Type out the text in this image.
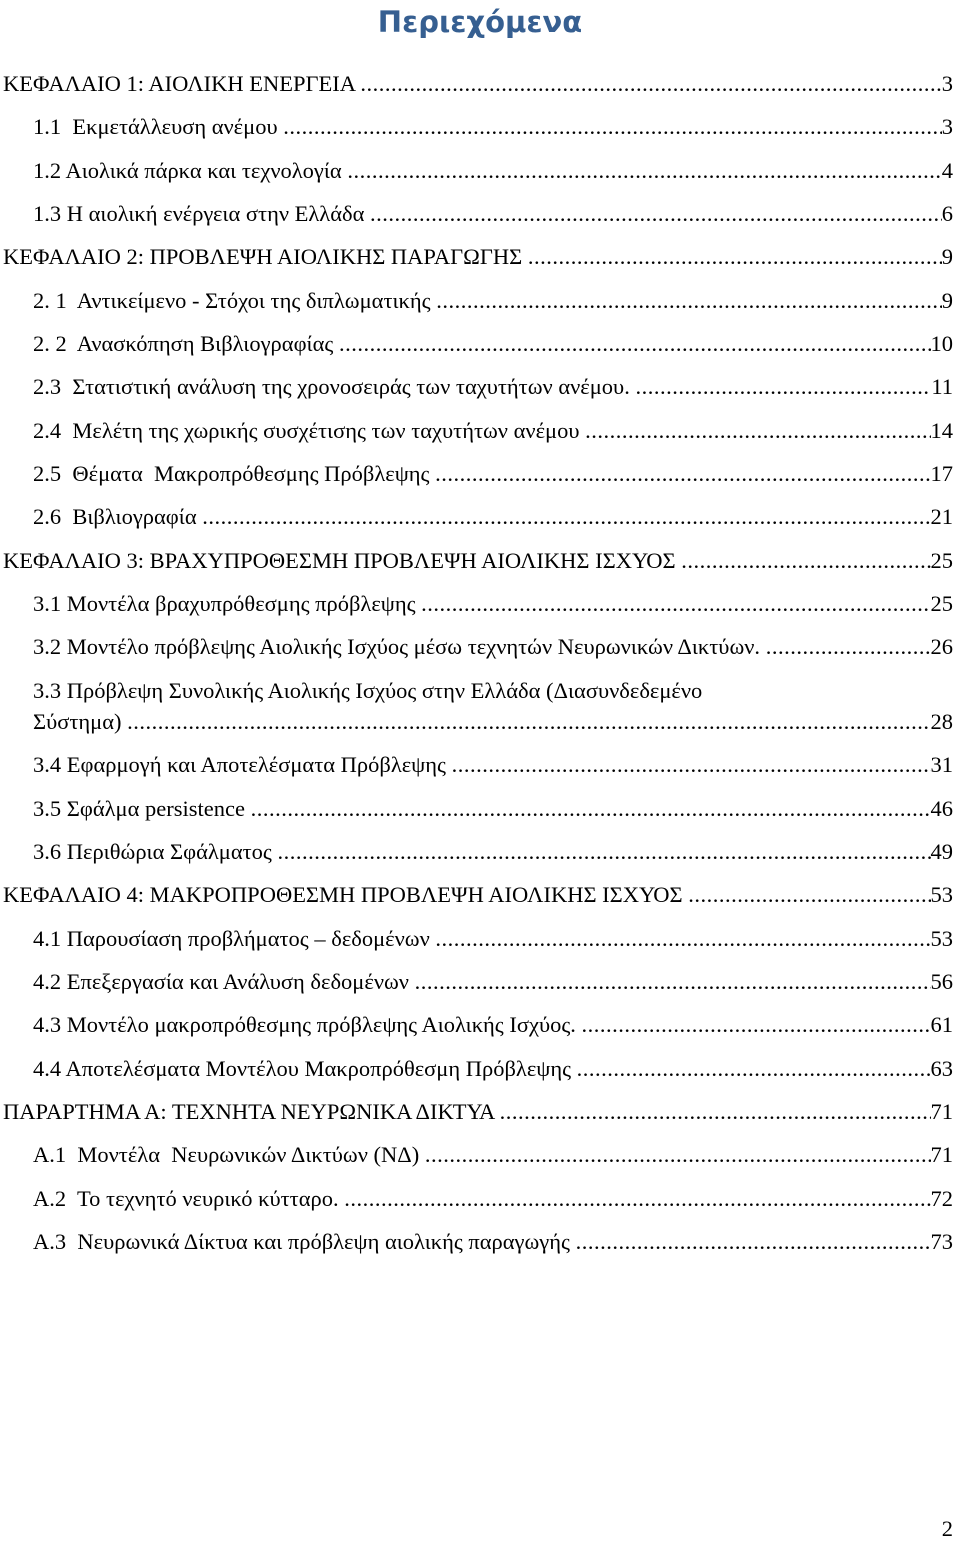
Περιεχόμενα
ΚΕΦΑΛΑΙΟ 1: ΑΙΟΛΙΚΗ ΕΝΕΡΓΕΙΑ .....	3
1.1  Εκμετάλλευση ανέμου .....	3
1.2 Αιολικά πάρκα και τεχνολογία .....	4
1.3 Η αιολική ενέργεια στην Ελλάδα .....	6
ΚΕΦΑΛΑΙΟ 2: ΠΡΟΒΛΕΨΗ ΑΙΟΛΙΚΗΣ ΠΑΡΑΓΩΓΗΣ .....	9
2. 1  Αντικείμενο - Στόχοι της διπλωματικής .....	9
2. 2  Ανασκόπηση Βιβλιογραφίας .....	10
2.3  Στατιστική ανάλυση της χρονοσειράς των ταχυτήτων ανέμου. .....	11
2.4  Μελέτη της χωρικής συσχέτισης των ταχυτήτων ανέμου .....	14
2.5  Θέματα  Μακροπρόθεσμης Πρόβλεψης .....	17
2.6  Βιβλιογραφία .....	21
ΚΕΦΑΛΑΙΟ 3: ΒΡΑΧΥΠΡΟΘΕΣΜΗ ΠΡΟΒΛΕΨΗ ΑΙΟΛΙΚΗΣ ΙΣΧΥΟΣ .....	25
3.1 Μοντέλα βραχυπρόθεσμης πρόβλεψης .....	25
3.2 Μοντέλο πρόβλεψης Αιολικής Ισχύος μέσω τεχνητών Νευρωνικών Δικτύων. .....	26
3.3 Πρόβλεψη Συνολικής Αιολικής Ισχύος στην Ελλάδα (Διασυνδεδεμένο
Σύστημα) .....	28
3.4 Εφαρμογή και Αποτελέσματα Πρόβλεψης .....	31
3.5 Σφάλμα persistence .....	46
3.6 Περιθώρια Σφάλματος .....	49
ΚΕΦΑΛΑΙΟ 4: ΜΑΚΡΟΠΡΟΘΕΣΜΗ ΠΡΟΒΛΕΨΗ ΑΙΟΛΙΚΗΣ ΙΣΧΥΟΣ .....	53
4.1 Παρουσίαση προβλήματος – δεδομένων .....	53
4.2 Επεξεργασία και Ανάλυση δεδομένων .....	56
4.3 Μοντέλο μακροπρόθεσμης πρόβλεψης Αιολικής Ισχύος. .....	61
4.4 Αποτελέσματα Μοντέλου Μακροπρόθεσμη Πρόβλεψης .....	63
ΠΑΡΑΡΤΗΜΑ Α: ΤΕΧΝΗΤΑ ΝΕΥΡΩΝΙΚΑ ΔΙΚΤΥΑ .....	71
Α.1  Μοντέλα  Νευρωνικών Δικτύων (ΝΔ) .....	71
Α.2  Το τεχνητό νευρικό κύτταρο. .....	72
Α.3  Νευρωνικά Δίκτυα και πρόβλεψη αιολικής παραγωγής .....	73
2
